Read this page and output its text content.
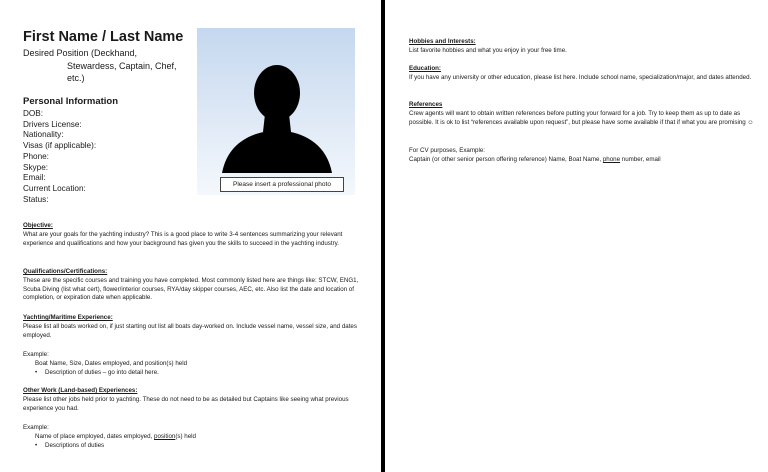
First Name / Last Name
Desired Position (Deckhand,
Stewardess, Captain, Chef,
etc.)
Personal Information
DOB:
Drivers License:
Nationality:
Visas (if applicable):
Phone:
Skype:
Email:
Current Location:
Status:
Please insert a professional photo
Objective:

What are your goals for the yachting industry? This is a good place to write 3-4 sentences summarizing your relevant experience and qualifications and how your background has given you the skills to succeed in the yachting industry.

Qualifications/Certifications:

These are the specific courses and training you have completed. Most commonly listed here are things like: STCW, ENG1, Scuba Diving (list what cert), flower/interior courses, RYA/day skipper courses, AEC, etc. Also list the date and location of completion, or expiration date when applicable.

Yachting/Maritime Experience:

Please list all boats worked on, if just starting out list all boats day-worked on. Include vessel name, vessel size, and dates employed.

Example:

Boat Name, Size, Dates employed, and position(s) held

• Description of duties – go into detail here.

Other Work (Land-based) Experiences:

Please list other jobs held prior to yachting. These do not need to be as detailed but Captains like seeing what previous experience you had.

Example:

Name of place employed, dates employed, position(s) held

• Descriptions of duties

Hobbies and Interests:

List favorite hobbies and what you enjoy in your free time.

Education:

If you have any university or other education, please list here. Include school name, specialization/major, and dates attended.

References

Crew agents will want to obtain written references before putting your forward for a job. Try to keep them as up to date as possible. It is ok to list “references available upon request”, but please have some available if that if what you are promising ☺

For CV purposes, Example:

Captain (or other senior person offering reference) Name, Boat Name, phone number, email
